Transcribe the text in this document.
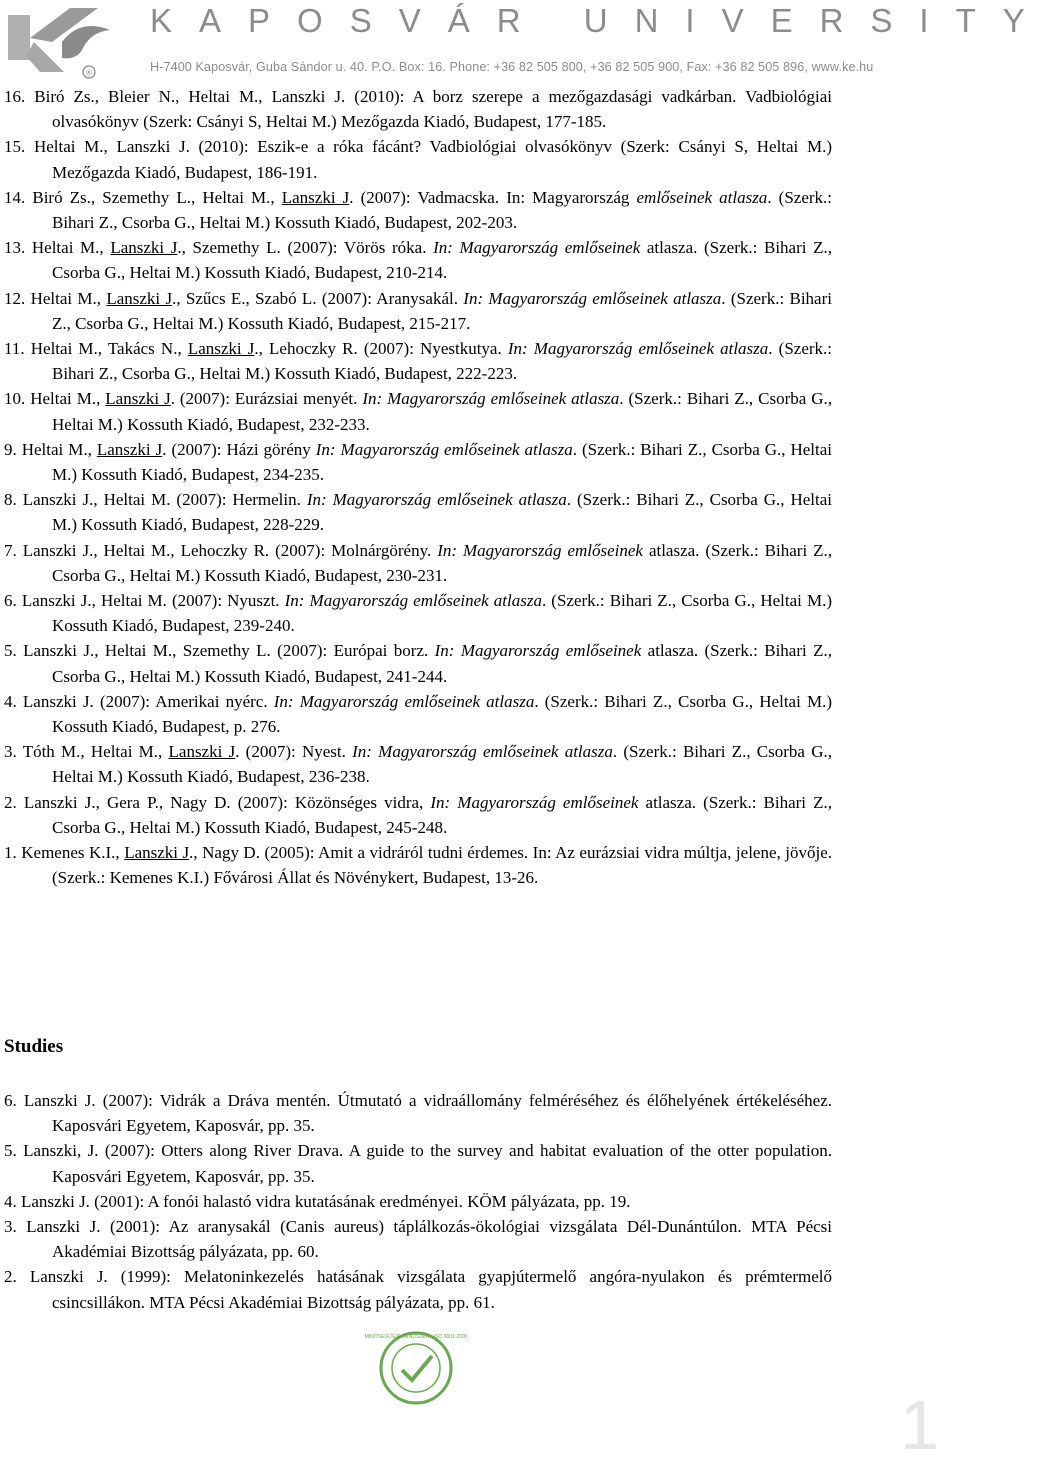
®
KAPOSVÁR UNIVERSITY
H-7400 Kaposvár, Guba Sándor u. 40. P.O. Box: 16. Phone: +36 82 505 800, +36 82 505 900, Fax: +36 82 505 896, www.ke.hu
16. Biró Zs., Bleier N., Heltai M., Lanszki J. (2010): A borz szerepe a mezőgazdasági vadkárban. Vadbiológiai olvasókönyv (Szerk: Csányi S, Heltai M.) Mezőgazda Kiadó, Budapest, 177-185.
15. Heltai M., Lanszki J. (2010): Eszik-e a róka fácánt? Vadbiológiai olvasókönyv (Szerk: Csányi S, Heltai M.) Mezőgazda Kiadó, Budapest, 186-191.
14. Biró Zs., Szemethy L., Heltai M., Lanszki J. (2007): Vadmacska. In: Magyarország emlőseinek atlasza. (Szerk.: Bihari Z., Csorba G., Heltai M.) Kossuth Kiadó, Budapest, 202-203.
13. Heltai M., Lanszki J., Szemethy L. (2007): Vörös róka. In: Magyarország emlőseinek atlasza. (Szerk.: Bihari Z., Csorba G., Heltai M.) Kossuth Kiadó, Budapest, 210-214.
12. Heltai M., Lanszki J., Szűcs E., Szabó L. (2007): Aranysakál. In: Magyarország emlőseinek atlasza. (Szerk.: Bihari Z., Csorba G., Heltai M.) Kossuth Kiadó, Budapest, 215-217.
11. Heltai M., Takács N., Lanszki J., Lehoczky R. (2007): Nyestkutya. In: Magyarország emlőseinek atlasza. (Szerk.: Bihari Z., Csorba G., Heltai M.) Kossuth Kiadó, Budapest, 222-223.
10. Heltai M., Lanszki J. (2007): Eurázsiai menyét. In: Magyarország emlőseinek atlasza. (Szerk.: Bihari Z., Csorba G., Heltai M.) Kossuth Kiadó, Budapest, 232-233.
9. Heltai M., Lanszki J. (2007): Házi görény In: Magyarország emlőseinek atlasza. (Szerk.: Bihari Z., Csorba G., Heltai M.) Kossuth Kiadó, Budapest, 234-235.
8. Lanszki J., Heltai M. (2007): Hermelin. In: Magyarország emlőseinek atlasza. (Szerk.: Bihari Z., Csorba G., Heltai M.) Kossuth Kiadó, Budapest, 228-229.
7. Lanszki J., Heltai M., Lehoczky R. (2007): Molnárgörény. In: Magyarország emlőseinek atlasza. (Szerk.: Bihari Z., Csorba G., Heltai M.) Kossuth Kiadó, Budapest, 230-231.
6. Lanszki J., Heltai M. (2007): Nyuszt. In: Magyarország emlőseinek atlasza. (Szerk.: Bihari Z., Csorba G., Heltai M.) Kossuth Kiadó, Budapest, 239-240.
5. Lanszki J., Heltai M., Szemethy L. (2007): Európai borz. In: Magyarország emlőseinek atlasza. (Szerk.: Bihari Z., Csorba G., Heltai M.) Kossuth Kiadó, Budapest, 241-244.
4. Lanszki J. (2007): Amerikai nyérc. In: Magyarország emlőseinek atlasza. (Szerk.: Bihari Z., Csorba G., Heltai M.) Kossuth Kiadó, Budapest, p. 276.
3. Tóth M., Heltai M., Lanszki J. (2007): Nyest. In: Magyarország emlőseinek atlasza. (Szerk.: Bihari Z., Csorba G., Heltai M.) Kossuth Kiadó, Budapest, 236-238.
2. Lanszki J., Gera P., Nagy D. (2007): Közönséges vidra, In: Magyarország emlőseinek atlasza. (Szerk.: Bihari Z., Csorba G., Heltai M.) Kossuth Kiadó, Budapest, 245-248.
1. Kemenes K.I., Lanszki J., Nagy D. (2005): Amit a vidráról tudni érdemes. In: Az eurázsiai vidra múltja, jelene, jövője. (Szerk.: Kemenes K.I.) Fővárosi Állat és Növénykert, Budapest, 13-26.
Studies
6. Lanszki J. (2007): Vidrák a Dráva mentén. Útmutató a vidraállomány felméréséhez és élőhelyének értékeléséhez. Kaposvári Egyetem, Kaposvár, pp. 35.
5. Lanszki, J. (2007): Otters along River Drava. A guide to the survey and habitat evaluation of the otter population. Kaposvári Egyetem, Kaposvár, pp. 35.
4. Lanszki J. (2001): A fonói halastó vidra kutatásának eredményei. KÖM pályázata, pp. 19.
3. Lanszki J. (2001): Az aranysakál (Canis aureus) táplálkozás-ökológiai vizsgálata Dél-Dunántúlon. MTA Pécsi Akadémiai Bizottság pályázata, pp. 60.
2. Lanszki J. (1999): Melatoninkezelés hatásának vizsgálata gyapjútermelő angóra-nyulakon és prémtermelő csincsillákon. MTA Pécsi Akadémiai Bizottság pályázata, pp. 61.
MINŐSÉGÜGYI RENDSZER · ISO 9001:2000
1
